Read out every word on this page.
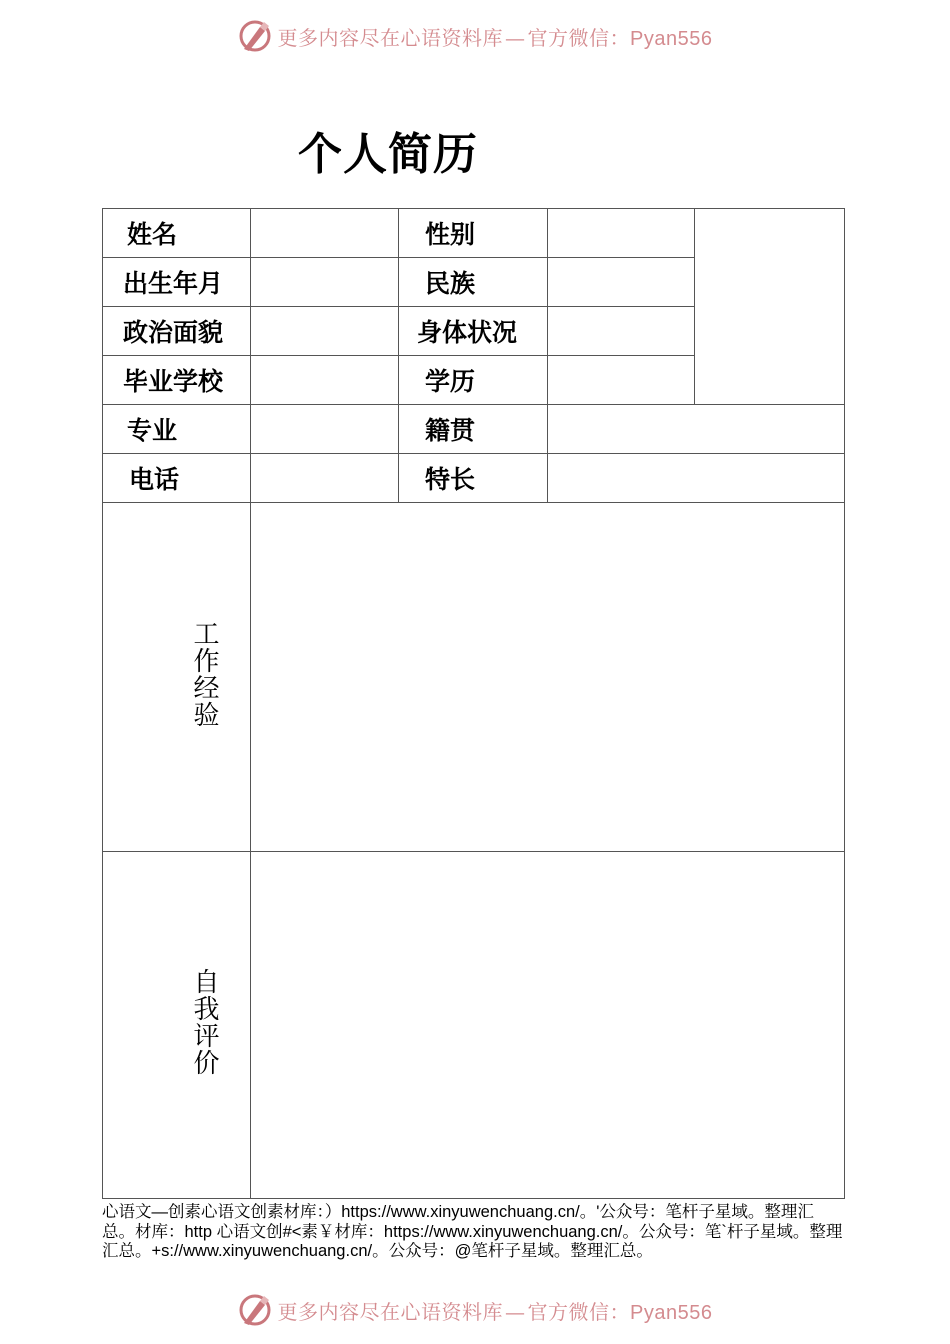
更多内容尽在心语资料库 — 官方微信：Pyan556
个人简历
姓名		性别		
出生年月		民族		
政治面貌		身体状况		
毕业学校		学历		
专业		籍贯		
电话		特长		
工作经验				
自我评价				
心语文—创素心语文创素材库：）https://www.xinyuwenchuang.cn/。'公众号：笔杆子星域。整理汇总。材库：http 心语文创#<素￥材库：https://www.xinyuwenchuang.cn/。公众号：笔`杆子星域。整理汇总。+s://www.xinyuwenchuang.cn/。公众号：@笔杆子星域。整理汇总。
更多内容尽在心语资料库 — 官方微信：Pyan556
